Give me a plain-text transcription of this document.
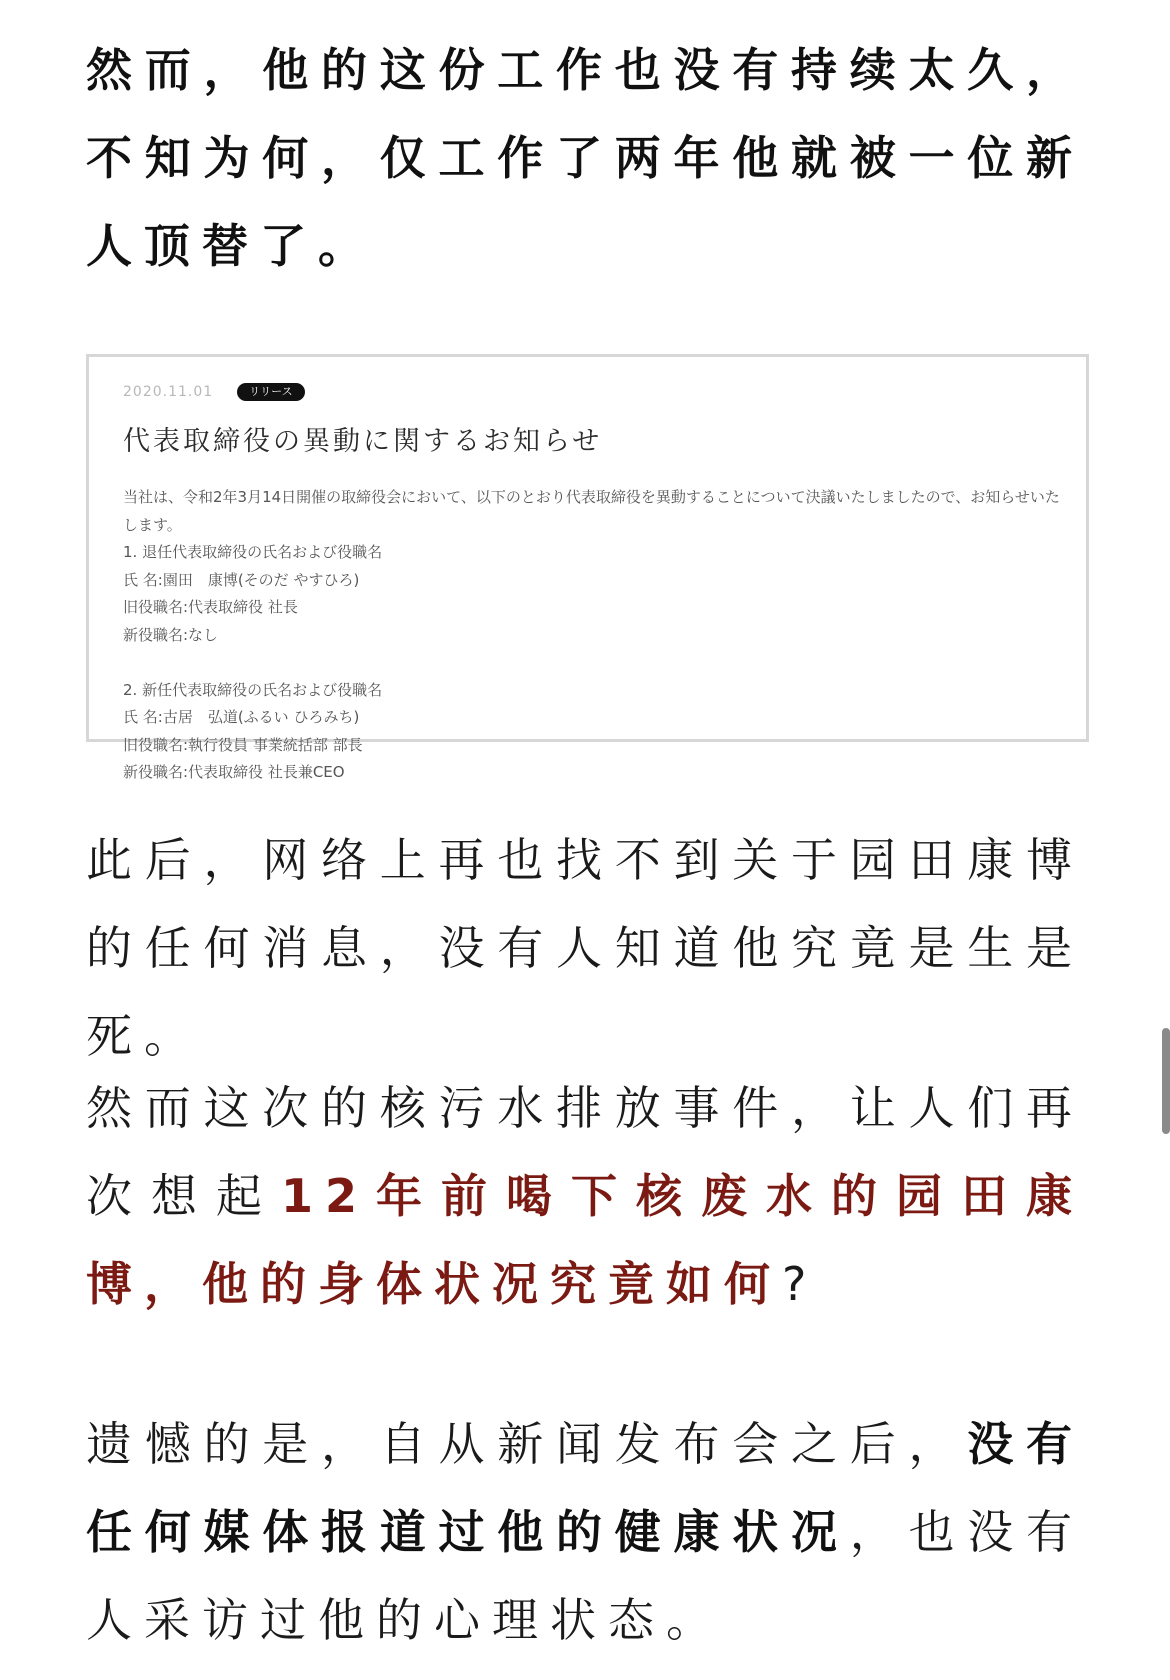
然而，他的这份工作也没有持续太久，不知为何，仅工作了两年他就被一位新人顶替了。

2020.11.01	リリース
代表取締役の異動に関するお知らせ
当社は、令和2年3月14日開催の取締役会において、以下のとおり代表取締役を異動することについて決議いたしましたので、お知らせいたします。
1. 退任代表取締役の氏名および役職名
氏 名:園田　康博(そのだ やすひろ)
旧役職名:代表取締役 社長
新役職名:なし
2. 新任代表取締役の氏名および役職名
氏 名:古居　弘道(ふるい ひろみち)
旧役職名:執行役員 事業統括部 部長
新役職名:代表取締役 社長兼CEO

此后，网络上再也找不到关于园田康博的任何消息，没有人知道他究竟是生是死。

然而这次的核污水排放事件，让人们再次想起12年前喝下核废水的园田康博，他的身体状况究竟如何?

遗憾的是，自从新闻发布会之后，没有任何媒体报道过他的健康状况，也没有人采访过他的心理状态。
